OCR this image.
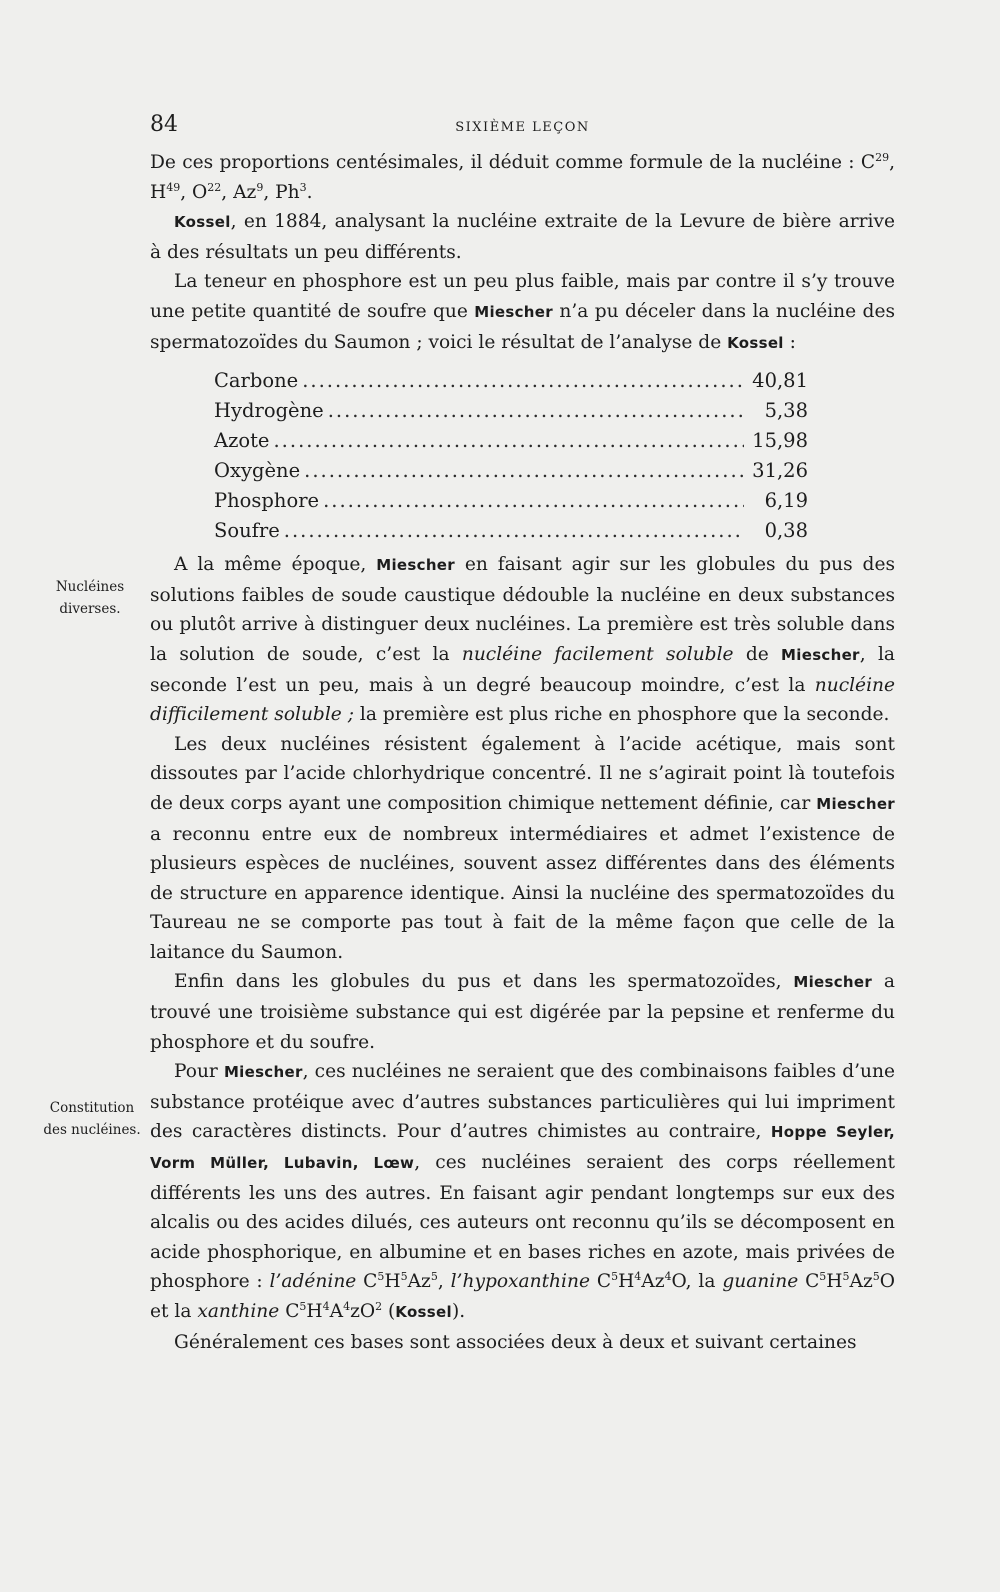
84	SIXIÈME LEÇON
Nucléines
diverses.
Constitution
des nucléines.

De ces proportions centésimales, il déduit comme formule de la nucléine : $C^{29}$, $H^{49}$, $O^{22}$, Az$^9$, Ph$^3$.

Kossel, en 1884, analysant la nucléine extraite de la Levure de bière arrive à des résultats un peu différents.

La teneur en phosphore est un peu plus faible, mais par contre il s’y trouve une petite quantité de soufre que Miescher n’a pu déceler dans la nucléine des spermatozoïdes du Saumon ; voici le résultat de l’analyse de Kossel :

Carbone .....	40,81
Hydrogène .....	5,38
Azote .....	15,98
Oxygène .....	31,26
Phosphore .....	6,19
Soufre .....	0,38

A la même époque, Miescher en faisant agir sur les globules du pus des solutions faibles de soude caustique dédouble la nucléine en deux substances ou plutôt arrive à distinguer deux nucléines. La première est très soluble dans la solution de soude, c’est la nucléine facilement soluble de Miescher, la seconde l’est un peu, mais à un degré beaucoup moindre, c’est la nucléine difficilement soluble ; la première est plus riche en phosphore que la seconde.

Les deux nucléines résistent également à l’acide acétique, mais sont dissoutes par l’acide chlorhydrique concentré. Il ne s’agirait point là toutefois de deux corps ayant une composition chimique nettement définie, car Miescher a reconnu entre eux de nombreux intermédiaires et admet l’existence de plusieurs espèces de nucléines, souvent assez différentes dans des éléments de structure en apparence identique. Ainsi la nucléine des spermatozoïdes du Taureau ne se comporte pas tout à fait de la même façon que celle de la laitance du Saumon.

Enfin dans les globules du pus et dans les spermatozoïdes, Miescher a trouvé une troisième substance qui est digérée par la pepsine et renferme du phosphore et du soufre.

Pour Miescher, ces nucléines ne seraient que des combinaisons faibles d’une substance protéique avec d’autres substances particulières qui lui impriment des caractères distincts. Pour d’autres chimistes au contraire, Hoppe Seyler, Vorm Müller, Lubavin, Lœw, ces nucléines seraient des corps réellement différents les uns des autres. En faisant agir pendant longtemps sur eux des alcalis ou des acides dilués, ces auteurs ont reconnu qu’ils se décomposent en acide phosphorique, en albumine et en bases riches en azote, mais privées de phosphore : l’adénine $C^5H^5Az^5$, l’hypoxanthine $C^5H^4Az^4O$, la guanine $C^5H^5Az^5O$ et la xanthine $C^5H^4A^4zO^2$ (Kossel).

Généralement ces bases sont associées deux à deux et suivant certaines
